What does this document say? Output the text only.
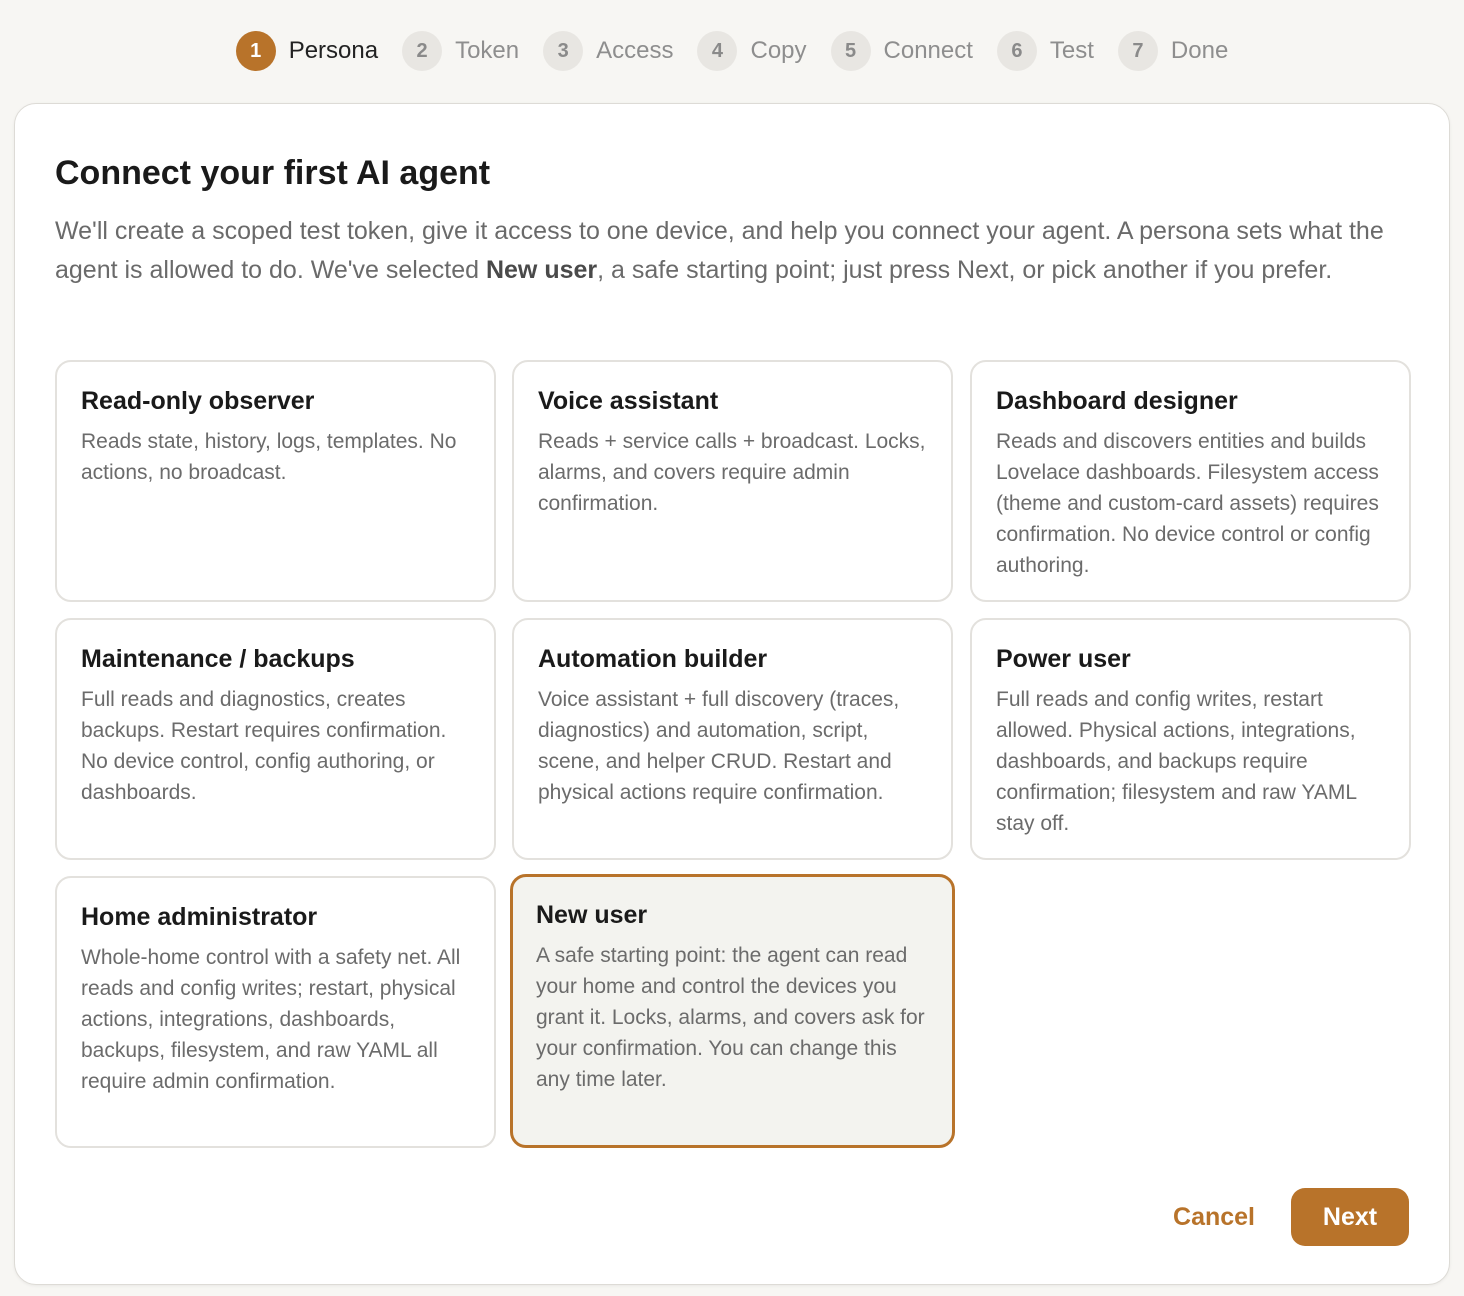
1	Persona	2	Token	3	Access	4	Copy	5	Connect	6	Test	7	Done
Connect your first AI agent

We'll create a scoped test token, give it access to one device, and help you connect your agent. A persona sets what the agent is allowed to do. We've selected New user, a safe starting point; just press Next, or pick another if you prefer.

Read-only observer

Reads state, history, logs, templates. No actions, no broadcast.

Voice assistant

Reads + service calls + broadcast. Locks, alarms, and covers require admin confirmation.

Dashboard designer

Reads and discovers entities and builds Lovelace dashboards. Filesystem access (theme and custom-card assets) requires confirmation. No device control or config authoring.

Maintenance / backups

Full reads and diagnostics, creates backups. Restart requires confirmation. No device control, config authoring, or dashboards.

Automation builder

Voice assistant + full discovery (traces, diagnostics) and automation, script, scene, and helper CRUD. Restart and physical actions require confirmation.

Power user

Full reads and config writes, restart allowed. Physical actions, integrations, dashboards, and backups require confirmation; filesystem and raw YAML stay off.

Home administrator

Whole-home control with a safety net. All reads and config writes; restart, physical actions, integrations, dashboards, backups, filesystem, and raw YAML all require admin confirmation.

New user

A safe starting point: the agent can read your home and control the devices you grant it. Locks, alarms, and covers ask for your confirmation. You can change this any time later.

Cancel	Next
